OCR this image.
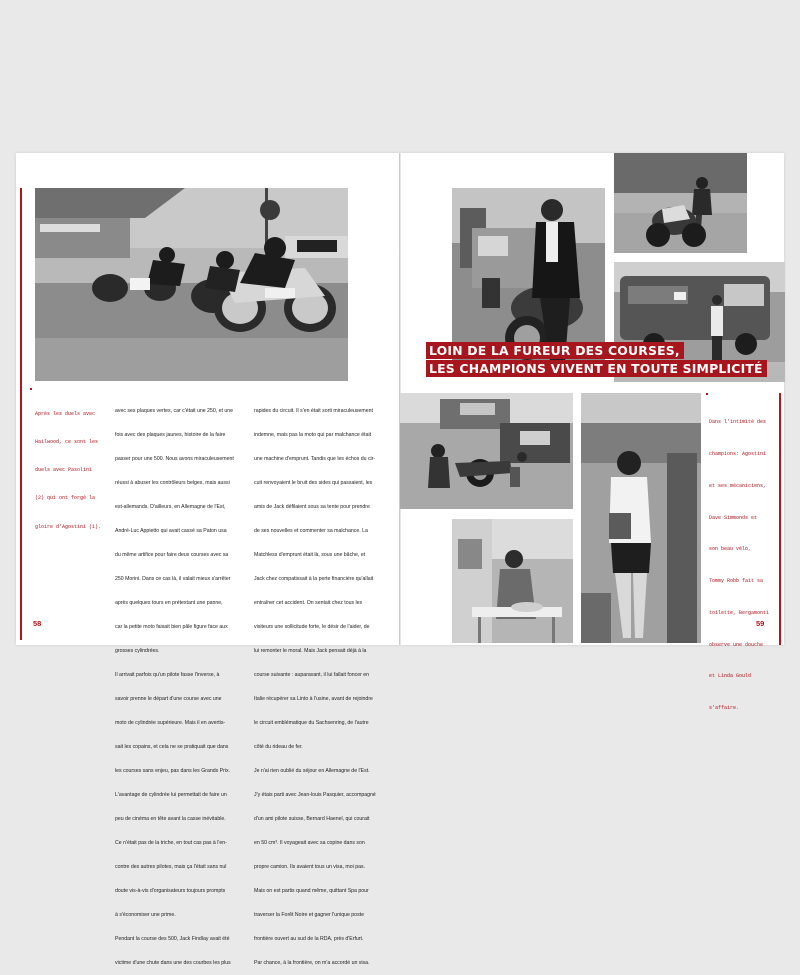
Après les duels avec

Hailwood, ce sont les

duels avec Pasolini

(2) qui ont forgé la

gloire d'Agostini (1).

avec ses plaques vertes, car c'était une 250, et une

fois avec des plaques jaunes, histoire de la faire

passer pour une 500. Nous avons miraculeusement

réussi à abuser les contrôleurs belges, mais aussi

est-allemands. D'ailleurs, en Allemagne de l'Est,

André-Luc Appietto qui avait cassé sa Paton usa

du même artifice pour faire deux courses avec sa

250 Morini. Dans ce cas là, il valait mieux s'arrêter

après quelques tours en prétextant une panne,

car la petite moto faisait bien pâle figure face aux

grosses cylindrées.

Il arrivait parfois qu'un pilote fasse l'inverse, à

savoir prenne le départ d'une course avec une

moto de cylindrée supérieure. Mais il en avertis-

sait les copains, et cela ne se pratiquait que dans

les courses sans enjeu, pas dans les Grands Prix.

L'avantage de cylindrée lui permettait de faire un

peu de cinéma en tête avant la casse inévitable.

Ce n'était pas de la triche, en tout cas pas à l'en-

contre des autres pilotes, mais ça l'était sans nul

doute vis-à-vis d'organisateurs toujours prompts

à s'économiser une prime.

Pendant la course des 500, Jack Findlay avait été

victime d'une chute dans une des courbes les plus

rapides du circuit. Il s'en était sorti miraculeusement

indemne, mais pas la moto qui par malchance était

une machine d'emprunt. Tandis que les échos du cir-

cuit renvoyaient le bruit des sides qui passaient, les

amis de Jack défilaient sous sa tente pour prendre

de ses nouvelles et commenter sa malchance. La

Matchless d'emprunt était là, sous une bâche, et

Jack chez compatissait à la perte financière qu'allait

entraîner cet accident. On sentait chez tous les

visiteurs une sollicitude forte, le désir de l'aider, de

lui remonter le moral. Mais Jack pensait déjà à la

course suivante : auparavant, il lui fallait foncer en

Italie récupérer sa Linto à l'usine, avant de rejoindre

le circuit emblématique du Sachsenring, de l'autre

côté du rideau de fer.

Je n'ai rien oublié du séjour en Allemagne de l'Est.

J'y étais parti avec Jean-louis Pasquier, accompagné

d'un ami pilote suisse, Bernard Haenel, qui courait

en 50 cm³. Il voyageait avec sa copine dans son

propre camion. Ils avaient tous un visa, moi pas.

Mais on est partis quand même, quittant Spa pour

traverser la Forêt Noire et gagner l'unique poste

frontière ouvert au sud de la RDA, près d'Erfurt.

Par chance, à la frontière, on m'a accordé un visa.

58
LOIN DE LA FUREUR DES COURSES,
LES CHAMPIONS VIVENT EN TOUTE SIMPLICITÉ

Dans l'intimité des

champions: Agostini

et ses mécaniciens,

Dave Simmonds et

son beau vélo,

Tommy Robb fait sa

toilette, Bergamonti

observe une douche

et Linda Gould

s'affaire.

59
